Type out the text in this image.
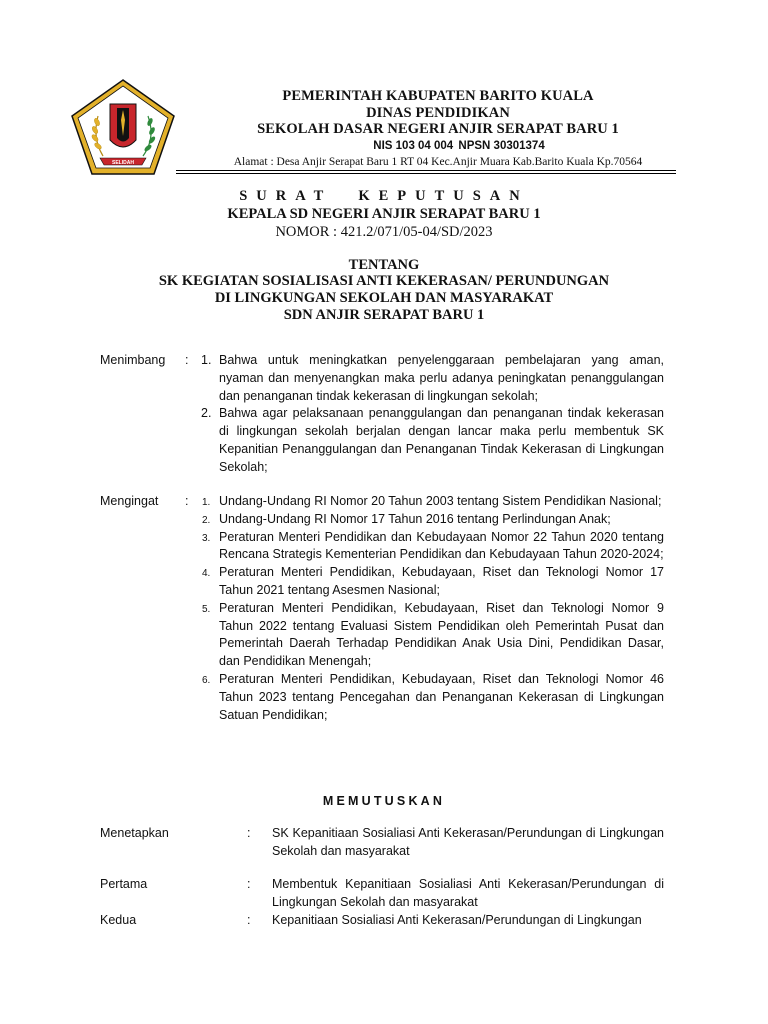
SELIDAH
PEMERINTAH KABUPATEN BARITO KUALA
DINAS PENDIDIKAN
SEKOLAH DASAR NEGERI ANJIR SERAPAT BARU 1
NIS 103 04 004 NPSN 30301374
Alamat : Desa Anjir Serapat Baru 1 RT 04 Kec.Anjir Muara Kab.Barito Kuala Kp.70564
SURAT KEPUTUSAN
KEPALA SD NEGERI ANJIR SERAPAT BARU 1
NOMOR : 421.2/071/05-04/SD/2023
TENTANG
SK KEGIATAN SOSIALISASI ANTI KEKERASAN/ PERUNDUNGAN
DI LINGKUNGAN SEKOLAH DAN MASYARAKAT
SDN ANJIR SERAPAT BARU 1
Menimbang : 1. Bahwa untuk meningkatkan penyelenggaraan pembelajaran yang aman, nyaman dan menyenangkan maka perlu adanya peningkatan penanggulangan dan penanganan tindak kekerasan di lingkungan sekolah;
2. Bahwa agar pelaksanaan penanggulangan dan penanganan tindak kekerasan di lingkungan sekolah berjalan dengan lancar maka perlu membentuk SK Kepanitian Penanggulangan dan Penanganan Tindak Kekerasan di Lingkungan Sekolah;
Mengingat : 1. Undang-Undang RI Nomor 20 Tahun 2003 tentang Sistem Pendidikan Nasional;
2. Undang-Undang RI Nomor 17 Tahun 2016 tentang Perlindungan Anak;
3. Peraturan Menteri Pendidikan dan Kebudayaan Nomor 22 Tahun 2020 tentang Rencana Strategis Kementerian Pendidikan dan Kebudayaan Tahun 2020-2024;
4. Peraturan Menteri Pendidikan, Kebudayaan, Riset dan Teknologi Nomor 17 Tahun 2021 tentang Asesmen Nasional;
5. Peraturan Menteri Pendidikan, Kebudayaan, Riset dan Teknologi Nomor 9 Tahun 2022 tentang Evaluasi Sistem Pendidikan oleh Pemerintah Pusat dan Pemerintah Daerah Terhadap Pendidikan Anak Usia Dini, Pendidikan Dasar, dan Pendidikan Menengah;
6. Peraturan Menteri Pendidikan, Kebudayaan, Riset dan Teknologi Nomor 46 Tahun 2023 tentang Pencegahan dan Penanganan Kekerasan di Lingkungan Satuan Pendidikan;
MEMUTUSKAN
Menetapkan	: SK Kepanitiaan Sosialiasi Anti Kekerasan/Perundungan di Lingkungan Sekolah dan masyarakat
Pertama	: Membentuk Kepanitiaan Sosialiasi Anti Kekerasan/Perundungan di Lingkungan Sekolah dan masyarakat
Kedua	: Kepanitiaan Sosialiasi Anti Kekerasan/Perundungan di Lingkungan
